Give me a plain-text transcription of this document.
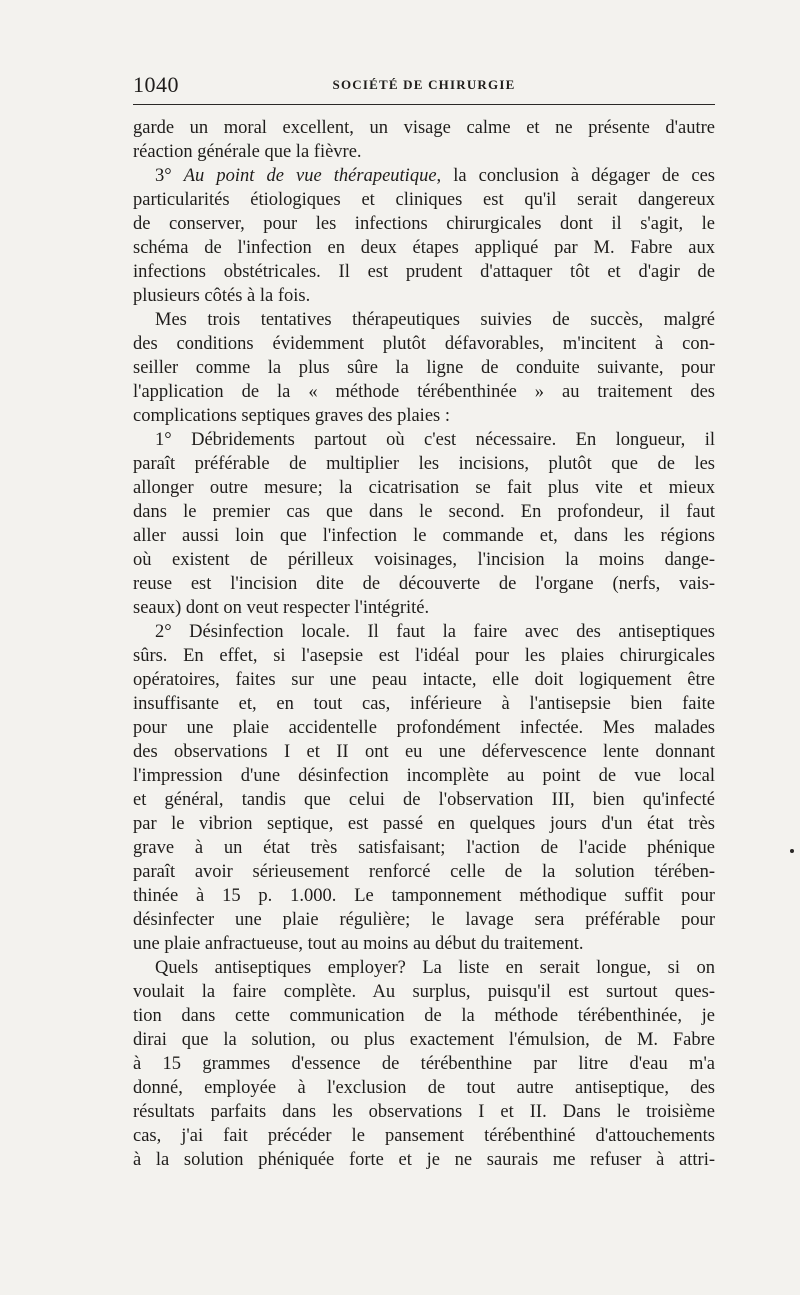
1040	SOCIÉTÉ DE CHIRURGIE
garde un moral excellent, un visage calme et ne présente d'autre
réaction générale que la fièvre.
3° Au point de vue thérapeutique, la conclusion à dégager de ces
particularités étiologiques et cliniques est qu'il serait dangereux
de conserver, pour les infections chirurgicales dont il s'agit, le
schéma de l'infection en deux étapes appliqué par M. Fabre aux
infections obstétricales. Il est prudent d'attaquer tôt et d'agir de
plusieurs côtés à la fois.
Mes trois tentatives thérapeutiques suivies de succès, malgré
des conditions évidemment plutôt défavorables, m'incitent à con-
seiller comme la plus sûre la ligne de conduite suivante, pour
l'application de la « méthode térébenthinée » au traitement des
complications septiques graves des plaies :
1° Débridements partout où c'est nécessaire. En longueur, il
paraît préférable de multiplier les incisions, plutôt que de les
allonger outre mesure; la cicatrisation se fait plus vite et mieux
dans le premier cas que dans le second. En profondeur, il faut
aller aussi loin que l'infection le commande et, dans les régions
où existent de périlleux voisinages, l'incision la moins dange-
reuse est l'incision dite de découverte de l'organe (nerfs, vais-
seaux) dont on veut respecter l'intégrité.
2° Désinfection locale. Il faut la faire avec des antiseptiques
sûrs. En effet, si l'asepsie est l'idéal pour les plaies chirurgicales
opératoires, faites sur une peau intacte, elle doit logiquement être
insuffisante et, en tout cas, inférieure à l'antisepsie bien faite
pour une plaie accidentelle profondément infectée. Mes malades
des observations I et II ont eu une défervescence lente donnant
l'impression d'une désinfection incomplète au point de vue local
et général, tandis que celui de l'observation III, bien qu'infecté
par le vibrion septique, est passé en quelques jours d'un état très
grave à un état très satisfaisant; l'action de l'acide phénique
paraît avoir sérieusement renforcé celle de la solution térében-
thinée à 15 p. 1.000. Le tamponnement méthodique suffit pour
désinfecter une plaie régulière; le lavage sera préférable pour
une plaie anfractueuse, tout au moins au début du traitement.
Quels antiseptiques employer? La liste en serait longue, si on
voulait la faire complète. Au surplus, puisqu'il est surtout ques-
tion dans cette communication de la méthode térébenthinée, je
dirai que la solution, ou plus exactement l'émulsion, de M. Fabre
à 15 grammes d'essence de térébenthine par litre d'eau m'a
donné, employée à l'exclusion de tout autre antiseptique, des
résultats parfaits dans les observations I et II. Dans le troisième
cas, j'ai fait précéder le pansement térébenthiné d'attouchements
à la solution phéniquée forte et je ne saurais me refuser à attri-
